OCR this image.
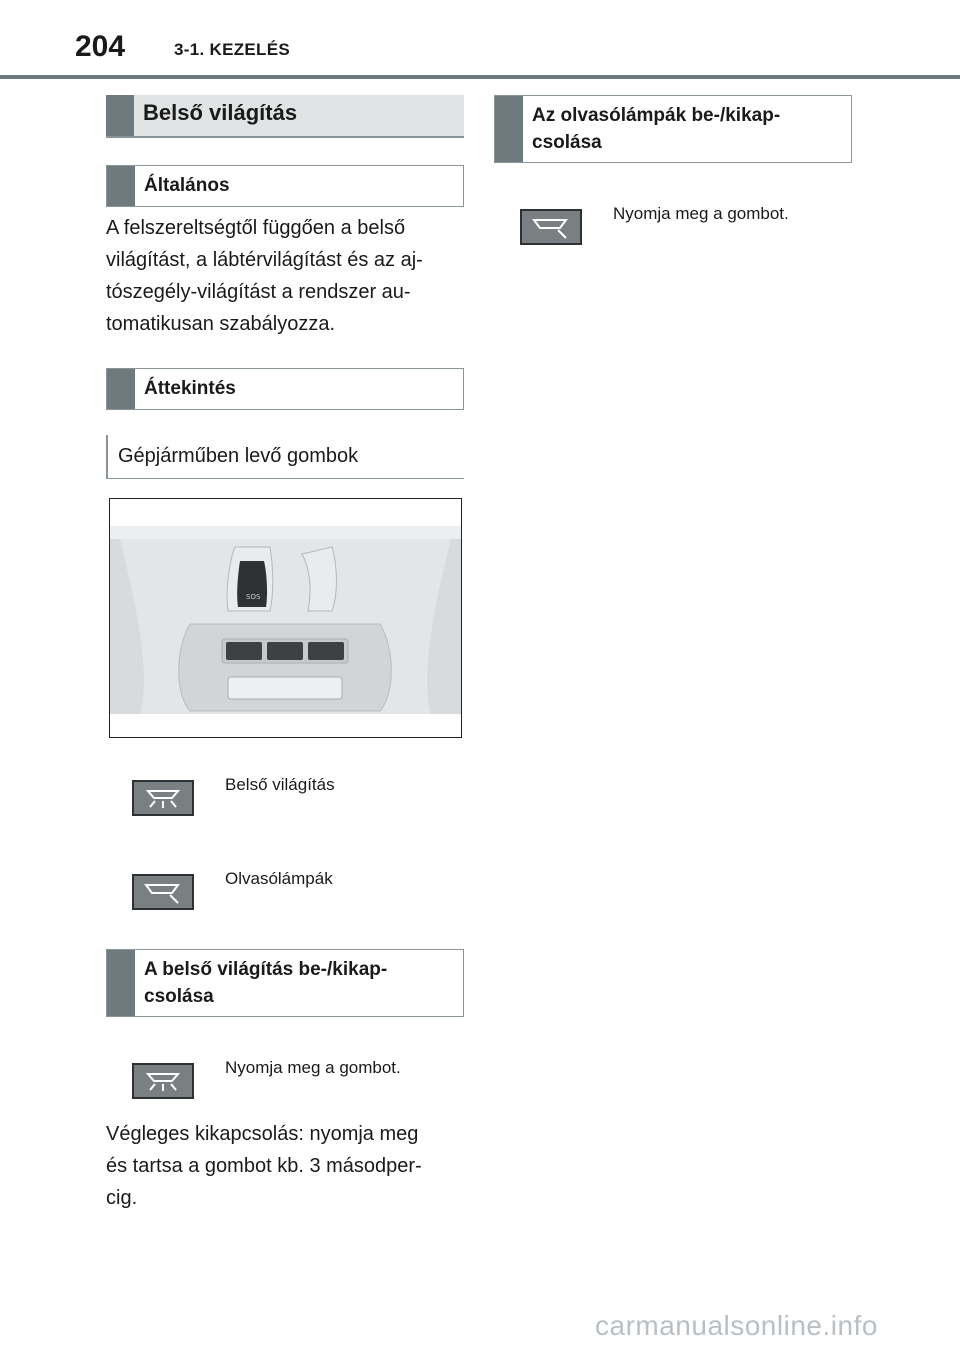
204	3-1. KEZELÉS
Belső világítás
Általános
A felszereltségtől függően a belső
világítást, a lábtérvilágítást és az aj-
tószegély-világítást a rendszer au-
tomatikusan szabályozza.
Áttekintés
Gépjárműben levő gombok
SOS
Belső világítás
Olvasólámpák
A belső világítás be-/kikap-
csolása
Nyomja meg a gombot.
Végleges kikapcsolás: nyomja meg
és tartsa a gombot kb. 3 másodper-
cig.
Az olvasólámpák be-/kikap-
csolása
Nyomja meg a gombot.
carmanualsonline.info
